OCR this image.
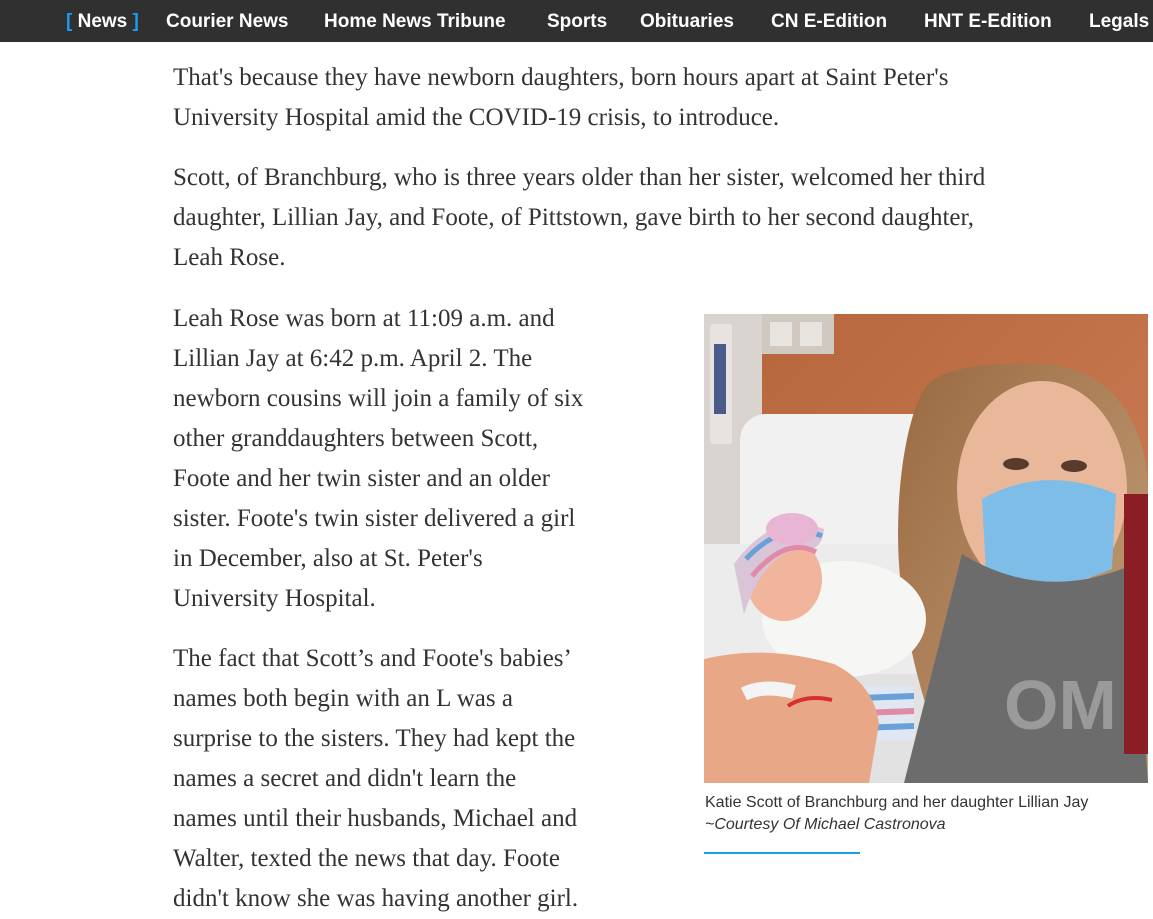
[ News ] Courier News Home News Tribune Sports Obituaries CN E-Edition HNT E-Edition Legals

That's because they have newborn daughters, born hours apart at Saint Peter's
University Hospital amid the COVID-19 crisis, to introduce.

Scott, of Branchburg, who is three years older than her sister, welcomed her third
daughter, Lillian Jay, and Foote, of Pittstown, gave birth to her second daughter,
Leah Rose.

Leah Rose was born at 11:09 a.m. and
Lillian Jay at 6:42 p.m. April 2. The
newborn cousins will join a family of six
other granddaughters between Scott,
Foote and her twin sister and an older
sister. Foote's twin sister delivered a girl
in December, also at St. Peter's
University Hospital.

The fact that Scott’s and Foote's babies’
names both begin with an L was a
surprise to the sisters. They had kept the
names a secret and didn't learn the
names until their husbands, Michael and
Walter, texted the news that day. Foote
didn't know she was having another girl.

OM
Katie Scott of Branchburg and her daughter Lillian Jay
~Courtesy Of Michael Castronova
